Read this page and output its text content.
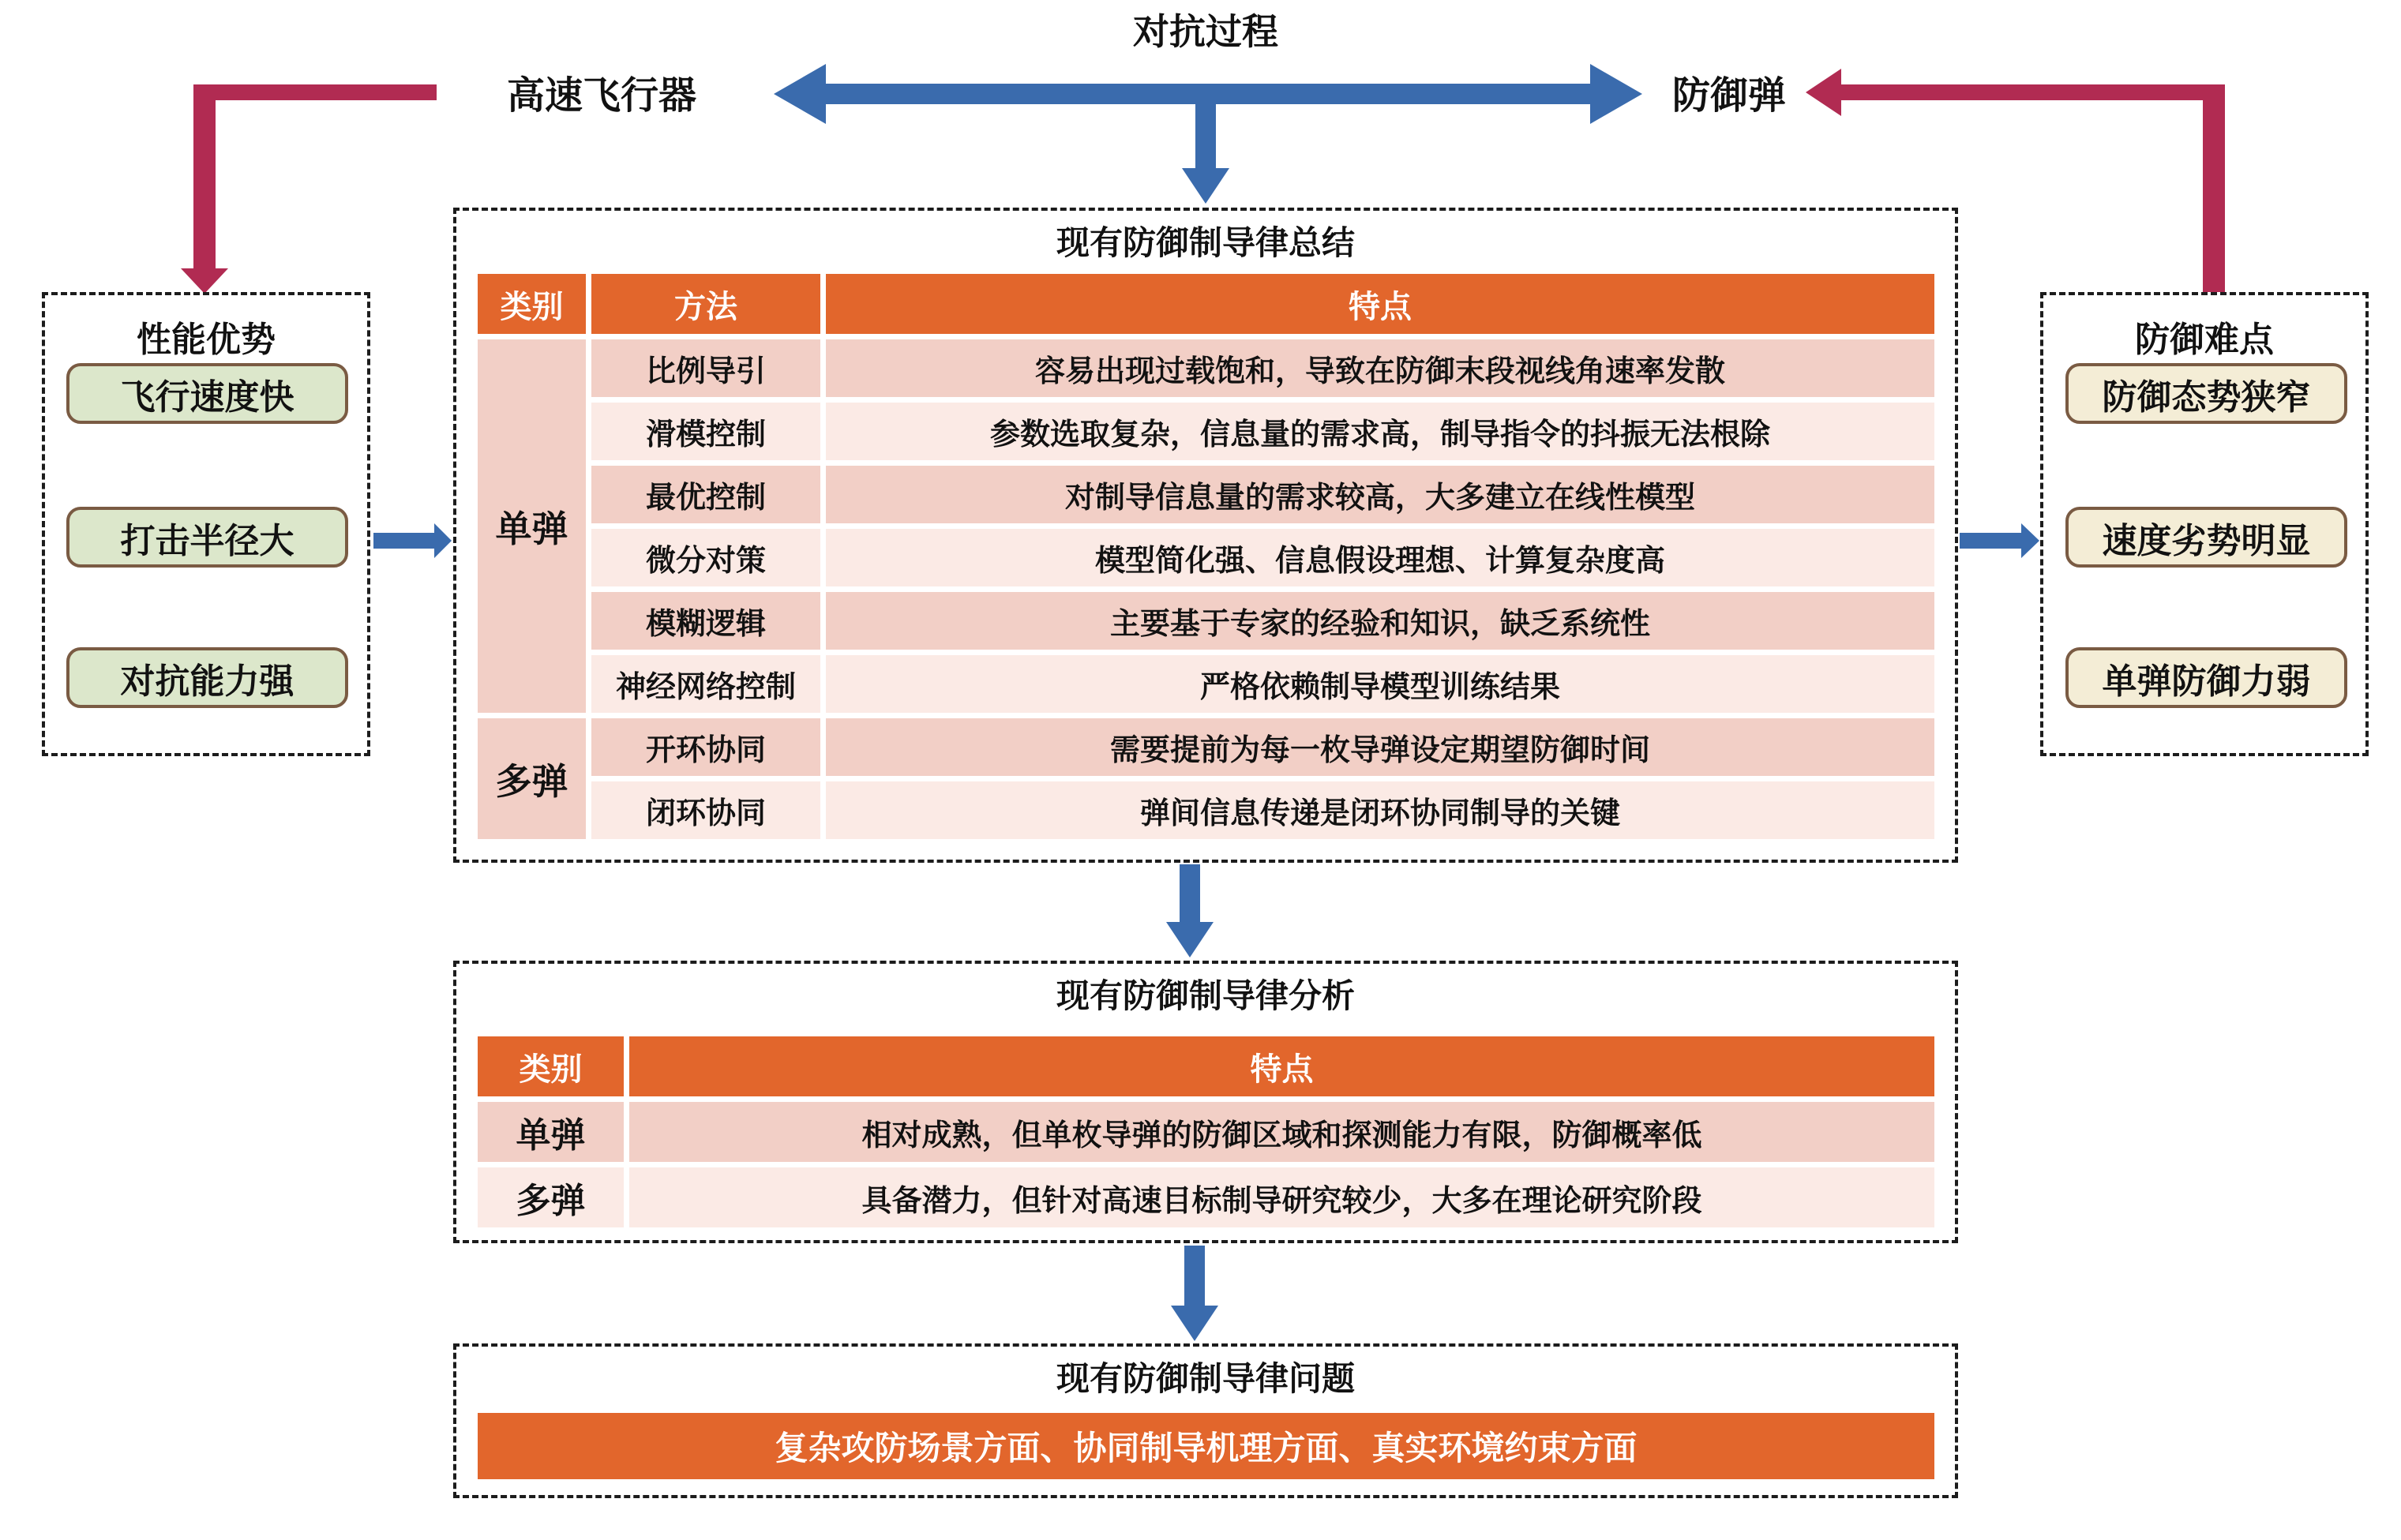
对抗过程
高速飞行器	防御弹
性能优势
飞行速度快
打击半径大
对抗能力强
防御难点
防御态势狭窄
速度劣势明显
单弹防御力弱
现有防御制导律总结
类别	方法	特点
单弹
比例导引	容易出现过载饱和，导致在防御末段视线角速率发散
滑模控制	参数选取复杂，信息量的需求高，制导指令的抖振无法根除
最优控制	对制导信息量的需求较高，大多建立在线性模型
微分对策	模型简化强、信息假设理想、计算复杂度高
模糊逻辑	主要基于专家的经验和知识，缺乏系统性
神经网络控制	严格依赖制导模型训练结果
多弹
开环协同	需要提前为每一枚导弹设定期望防御时间
闭环协同	弹间信息传递是闭环协同制导的关键
现有防御制导律分析
类别	特点
单弹	相对成熟，但单枚导弹的防御区域和探测能力有限，防御概率低
多弹	具备潜力，但针对高速目标制导研究较少，大多在理论研究阶段
现有防御制导律问题
复杂攻防场景方面、协同制导机理方面、真实环境约束方面
